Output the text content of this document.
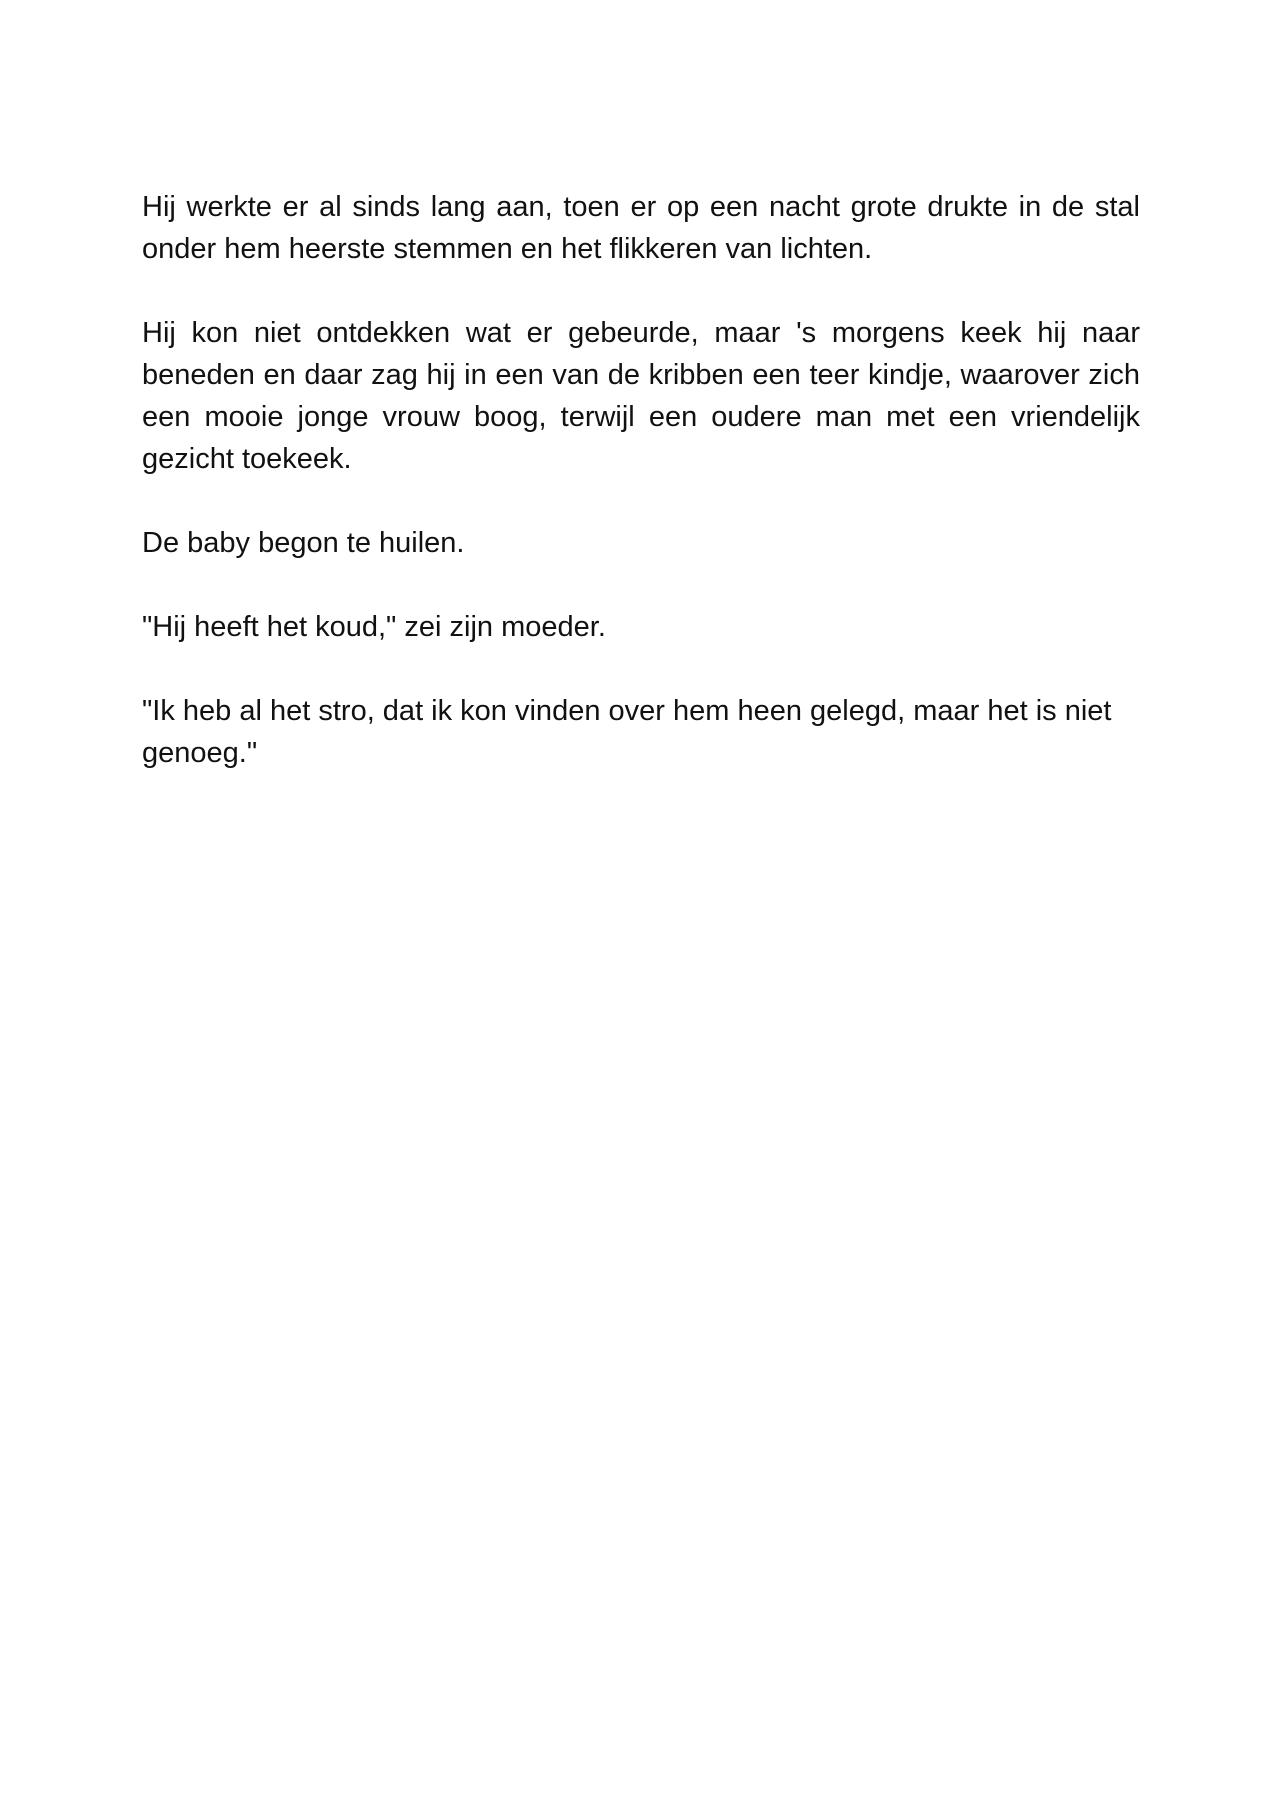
Hij werkte er al sinds lang aan, toen er op een nacht grote drukte in de stal onder hem heerste stemmen en het flikkeren van lichten.

Hij kon niet ontdekken wat er gebeurde, maar 's morgens keek hij naar beneden en daar zag hij in een van de kribben een teer kindje, waarover zich een mooie jonge vrouw boog, terwijl een oudere man met een vriendelijk gezicht toekeek.

De baby begon te huilen.

"Hij heeft het koud," zei zijn moeder.

"Ik heb al het stro, dat ik kon vinden over hem heen gelegd, maar het is niet genoeg."
